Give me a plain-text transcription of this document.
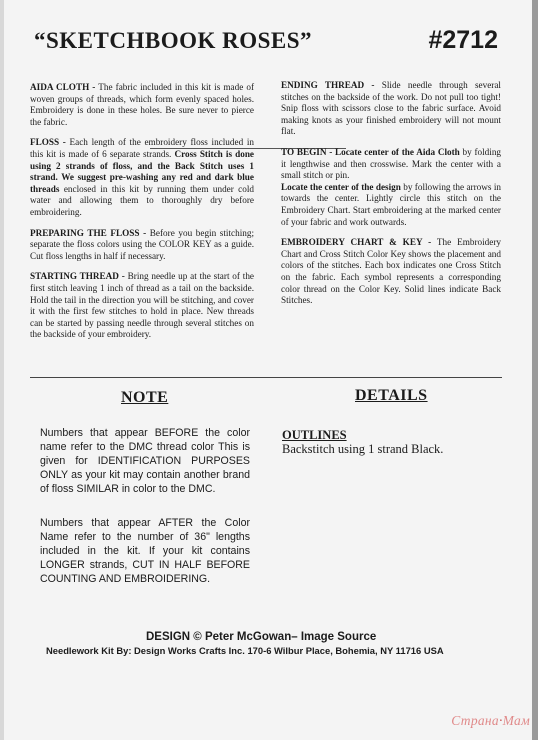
“SKETCHBOOK ROSES”	#2712

AIDA CLOTH - The fabric included in this kit is made of woven groups of threads, which form evenly spaced holes. Embroidery is done in these holes. Be sure never to pierce the fabric.

FLOSS - Each length of the embroidery floss included in this kit is made of 6 separate strands. Cross Stitch is done using 2 strands of floss, and the Back Stitch uses 1 strand. We suggest pre-washing any red and dark blue threads enclosed in this kit by running them under cold water and allowing them to thoroughly dry before embroidering.

PREPARING THE FLOSS - Before you begin stitching; separate the floss colors using the COLOR KEY as a guide. Cut floss lengths in half if necessary.

STARTING THREAD - Bring needle up at the start of the first stitch leaving 1 inch of thread as a tail on the backside. Hold the tail in the direction you will be stitching, and cover it with the first few stitches to hold in place. New threads can be started by passing needle through several stitches on the backside of your embroidery.

ENDING THREAD - Slide needle through several stitches on the backside of the work. Do not pull too tight! Snip floss with scissors close to the fabric surface. Avoid making knots as your finished embroidery will not mount flat.

TO BEGIN - Locate center of the Aida Cloth by folding it lengthwise and then crosswise. Mark the center with a small stitch or pin.

Locate the center of the design by following the arrows in towards the center. Lightly circle this stitch on the Embroidery Chart. Start embroidering at the marked center of your fabric and work outwards.

EMBROIDERY CHART & KEY - The Embroidery Chart and Cross Stitch Color Key shows the placement and colors of the stitches. Each box indicates one Cross Stitch on the fabric. Each symbol represents a corresponding color thread on the Color Key. Solid lines indicate Back Stitches.

NOTE	DETAILS
Numbers that appear BEFORE the color name refer to the DMC thread color This is given for IDENTIFICATION PURPOSES ONLY as your kit may contain another brand of floss SIMILAR in color to the DMC.
Numbers that appear AFTER the Color Name refer to the number of 36" lengths included in the kit. If your kit contains LONGER strands, CUT IN HALF BEFORE COUNTING AND EMBROIDERING.
OUTLINES
Backstitch using 1 strand Black.
DESIGN © Peter McGowan– Image Source
Needlework Kit By: Design Works Crafts Inc. 170-6 Wilbur Place, Bohemia, NY 11716 USA
Страна·Мам
